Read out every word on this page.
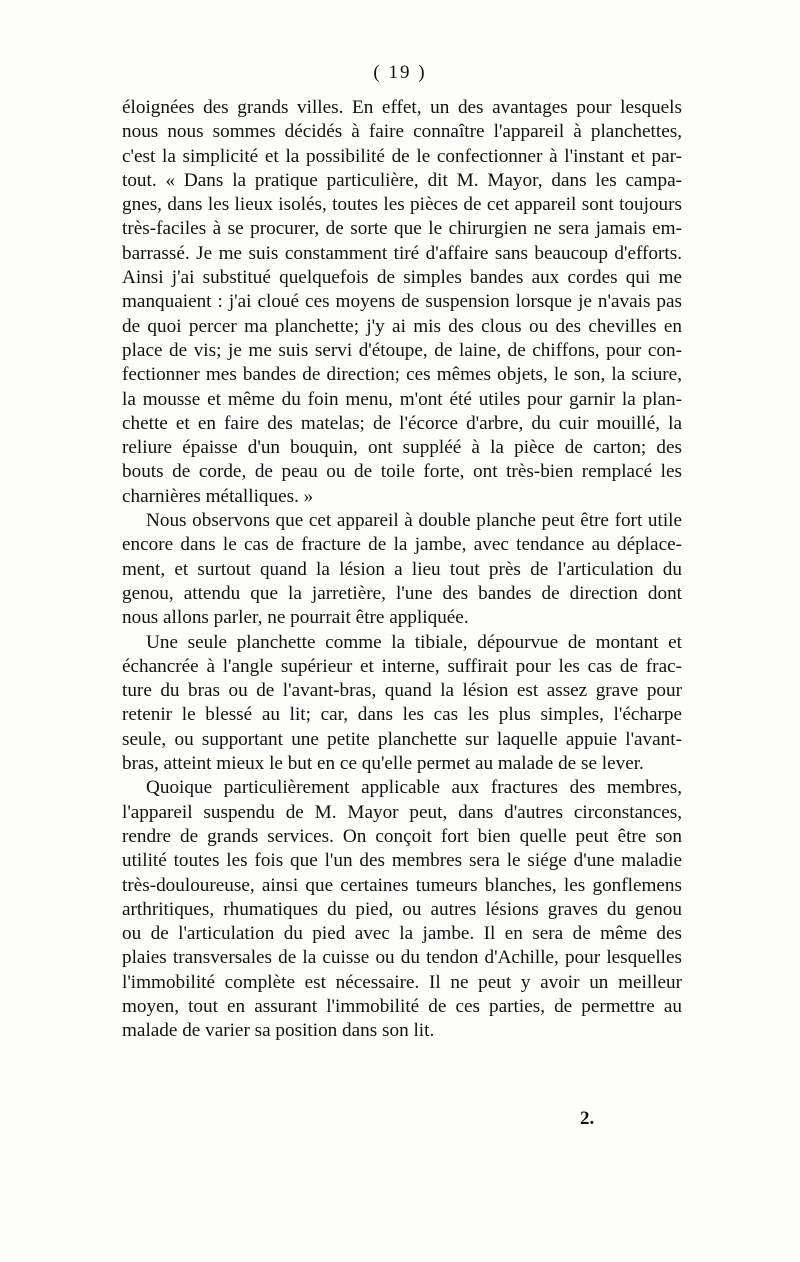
( 19 )
éloignées des grands villes. En effet, un des avantages pour lesquels
nous nous sommes décidés à faire connaître l'appareil à planchettes,
c'est la simplicité et la possibilité de le confectionner à l'instant et par-
tout. « Dans la pratique particulière, dit M. Mayor, dans les campa-
gnes, dans les lieux isolés, toutes les pièces de cet appareil sont toujours
très-faciles à se procurer, de sorte que le chirurgien ne sera jamais em-
barrassé. Je me suis constamment tiré d'affaire sans beaucoup d'efforts.
Ainsi j'ai substitué quelquefois de simples bandes aux cordes qui me
manquaient : j'ai cloué ces moyens de suspension lorsque je n'avais pas
de quoi percer ma planchette; j'y ai mis des clous ou des chevilles en
place de vis; je me suis servi d'étoupe, de laine, de chiffons, pour con-
fectionner mes bandes de direction; ces mêmes objets, le son, la sciure,
la mousse et même du foin menu, m'ont été utiles pour garnir la plan-
chette et en faire des matelas; de l'écorce d'arbre, du cuir mouillé, la
reliure épaisse d'un bouquin, ont suppléé à la pièce de carton; des
bouts de corde, de peau ou de toile forte, ont très-bien remplacé les
charnières métalliques. »
Nous observons que cet appareil à double planche peut être fort utile
encore dans le cas de fracture de la jambe, avec tendance au déplace-
ment, et surtout quand la lésion a lieu tout près de l'articulation du
genou, attendu que la jarretière, l'une des bandes de direction dont
nous allons parler, ne pourrait être appliquée.
Une seule planchette comme la tibiale, dépourvue de montant et
échancrée à l'angle supérieur et interne, suffirait pour les cas de frac-
ture du bras ou de l'avant-bras, quand la lésion est assez grave pour
retenir le blessé au lit; car, dans les cas les plus simples, l'écharpe
seule, ou supportant une petite planchette sur laquelle appuie l'avant-
bras, atteint mieux le but en ce qu'elle permet au malade de se lever.
Quoique particulièrement applicable aux fractures des membres,
l'appareil suspendu de M. Mayor peut, dans d'autres circonstances,
rendre de grands services. On conçoit fort bien quelle peut être son
utilité toutes les fois que l'un des membres sera le siége d'une maladie
très-douloureuse, ainsi que certaines tumeurs blanches, les gonflemens
arthritiques, rhumatiques du pied, ou autres lésions graves du genou
ou de l'articulation du pied avec la jambe. Il en sera de même des
plaies transversales de la cuisse ou du tendon d'Achille, pour lesquelles
l'immobilité complète est nécessaire. Il ne peut y avoir un meilleur
moyen, tout en assurant l'immobilité de ces parties, de permettre au
malade de varier sa position dans son lit.
2.
